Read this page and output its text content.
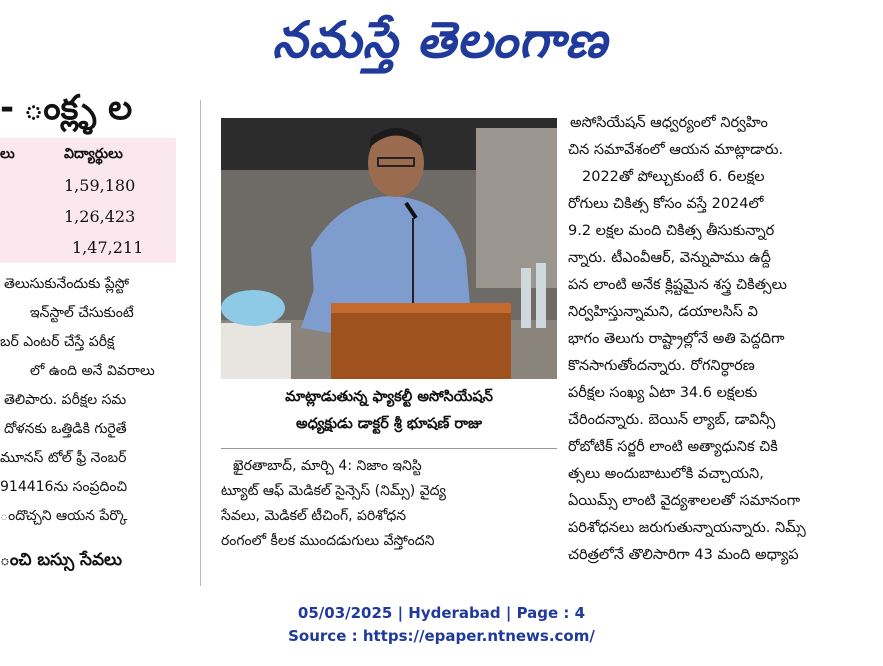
నమస్తే తెలంగాణ
- ంక్ల్ళ ల
లు	విద్యార్థులు
1,59,180
1,26,423
1,47,211
తెలుసుకునేందుకు ప్లేస్టో
ఇన్‌స్టాల్ చేసుకుంటే
బర్ ఎంటర్ చేస్తే పరీక్ష
లో ఉంది అనే వివరాలు
తెలిపారు. పరీక్షల సమ
దోళనకు ఒత్తిడికి గురైతే
మూనస్ టోల్ ఫ్రీ నెంబర్
914416ను సంప్రదించి
ందొచ్చని ఆయన పేర్కొ
ంచి బస్సు సేవలు
మాట్లాడుతున్న ఫ్యాకల్టీ అసోసియేషన్
అధ్యక్షుడు డాక్టర్ శ్రీ భూషణ్ రాజు
ఖైరతాబాద్, మార్చి 4: నిజాం ఇనిస్టి
ట్యూట్ ఆఫ్ మెడికల్ సైన్సెస్ (నిమ్స్) వైద్య
సేవలు, మెడికల్ టీచింగ్, పరిశోధన
రంగంలో కీలక ముందడుగులు వేస్తోందని
అసోసియేషన్ ఆధ్వర్యంలో నిర్వహిం
చిన సమావేశంలో ఆయన మాట్లాడారు.
2022తో పోల్చుకుంటే 6. 6లక్షల
రోగులు చికిత్స కోసం వస్తే 2024లో
9.2 లక్షల మంది చికిత్స తీసుకున్నార
న్నారు. టీఎంవీఆర్, వెన్నుపాము ఉద్దీ
పన లాంటి అనేక క్లిష్టమైన శస్త్ర చికిత్సలు
నిర్వహిస్తున్నామని, డయాలసిస్ వి
భాగం తెలుగు రాష్ట్రాల్లోనే అతి పెద్దదిగా
కొనసాగుతోందన్నారు. రోగనిర్ధారణ
పరీక్షల సంఖ్య ఏటా 34.6 లక్షలకు
చేరిందన్నారు. బెయిన్ ల్యాబ్, డావిన్సీ
రోబోటిక్ సర్జరీ లాంటి అత్యాధునిక చికి
త్సలు అందుబాటులోకి వచ్చాయని,
ఏయిమ్స్ లాంటి వైద్యశాలలతో సమానంగా
పరిశోధనలు జరుగుతున్నాయన్నారు. నిమ్స్
చరిత్రలోనే తొలిసారిగా 43 మంది అధ్యాప
05/03/2025 | Hyderabad | Page : 4
Source : https://epaper.ntnews.com/
